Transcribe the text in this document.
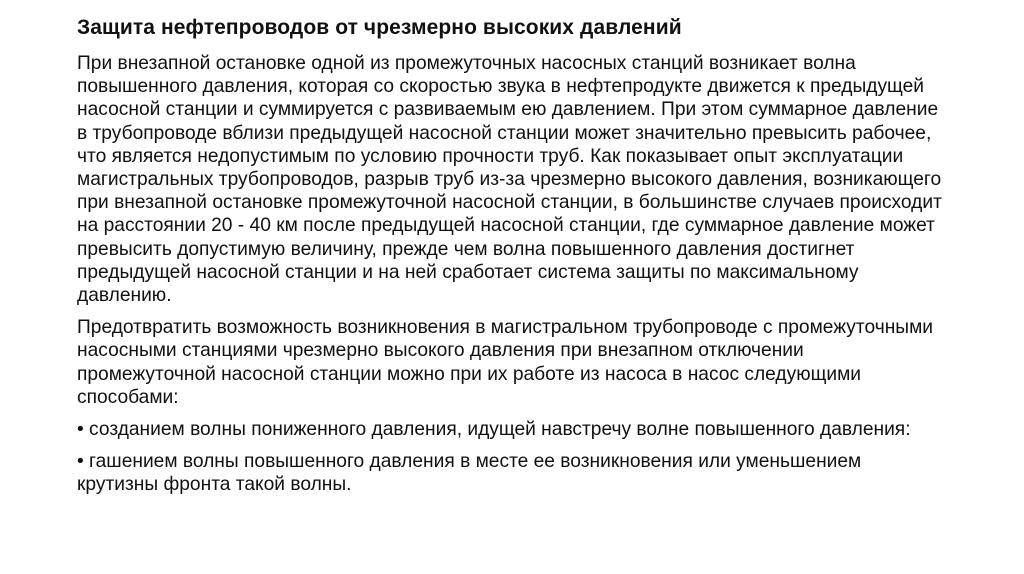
Защита нефтепроводов от чрезмерно высоких давлений
При внезапной остановке одной из промежуточных насосных станций возникает волна повышенного давления, которая со скоростью звука в нефтепродукте движется к предыдущей насосной станции и суммируется с развиваемым ею давлением. При этом суммарное давление в трубопроводе вблизи предыдущей насосной станции может значительно превысить рабочее, что является недопустимым по условию прочности труб. Как показывает опыт эксплуатации магистральных трубопроводов, разрыв труб из-за чрезмерно высокого давления, возникающего при внезапной остановке промежуточной насосной станции, в большинстве случаев происходит на расстоянии 20 - 40 км после предыдущей насосной станции, где суммарное давление может превысить допустимую величину, прежде чем волна повышенного давления достигнет предыдущей насосной станции и на ней сработает система защиты по максимальному давлению.
Предотвратить возможность возникновения в магистральном трубопроводе с промежуточными насосными станциями чрезмерно высокого давления при внезапном отключении промежуточной насосной станции можно при их работе из насоса в насос следующими способами:
• созданием волны пониженного давления, идущей навстречу волне повышенного давления:
• гашением волны повышенного давления в месте ее возникновения или уменьшением крутизны фронта такой волны.
